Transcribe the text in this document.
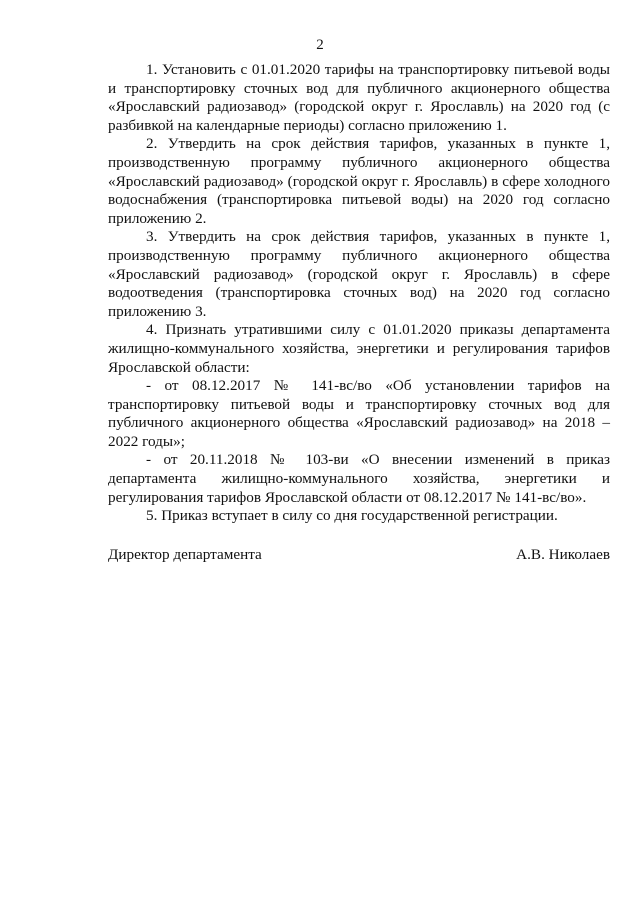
2

1. Установить с 01.01.2020 тарифы на транспортировку питьевой воды и транспортировку сточных вод для публичного акционерного общества «Ярославский радиозавод» (городской округ г. Ярославль) на 2020 год (с разбивкой на календарные периоды) согласно приложению 1.

2. Утвердить на срок действия тарифов, указанных в пункте 1, производственную программу публичного акционерного общества «Ярославский радиозавод» (городской округ г. Ярославль) в сфере холодного водоснабжения (транспортировка питьевой воды) на 2020 год согласно приложению 2.

3. Утвердить на срок действия тарифов, указанных в пункте 1, производственную программу публичного акционерного общества «Ярославский радиозавод» (городской округ г. Ярославль) в сфере водоотведения (транспортировка сточных вод) на 2020 год согласно приложению 3.

4. Признать утратившими силу с 01.01.2020 приказы департамента жилищно-коммунального хозяйства, энергетики и регулирования тарифов Ярославской области:

- от 08.12.2017 № 141-вс/во «Об установлении тарифов на транспортировку питьевой воды и транспортировку сточных вод для публичного акционерного общества «Ярославский радиозавод» на 2018 – 2022 годы»;

- от 20.11.2018 № 103-ви «О внесении изменений в приказ департамента жилищно-коммунального хозяйства, энергетики и регулирования тарифов Ярославской области от 08.12.2017 № 141-вс/во».

5. Приказ вступает в силу со дня государственной регистрации.

Директор департамента	А.В. Николаев
